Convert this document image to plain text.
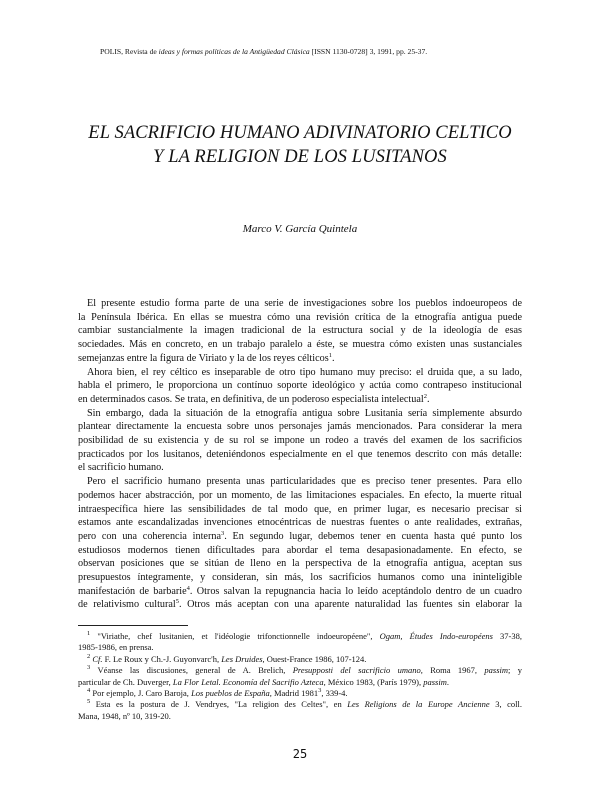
POLIS, Revista de ideas y formas políticas de la Antigüedad Clásica [ISSN 1130-0728] 3, 1991, pp. 25-37.
EL SACRIFICIO HUMANO ADIVINATORIO CELTICO
Y LA RELIGION DE LOS LUSITANOS
Marco V. García Quintela
El presente estudio forma parte de una serie de investigaciones sobre los pueblos indoeuropeos de
la Península Ibérica. En ellas se muestra cómo una revisión crítica de la etnografía antigua puede
cambiar sustancialmente la imagen tradicional de la estructura social y de la ideología de esas
sociedades. Más en concreto, en un trabajo paralelo a éste, se muestra cómo existen unas sustanciales
semejanzas entre la figura de Viriato y la de los reyes célticos$^1$.
Ahora bien, el rey céltico es inseparable de otro tipo humano muy preciso: el druida que, a su lado,
habla el primero, le proporciona un contínuo soporte ideológico y actúa como contrapeso institucional
en determinados casos. Se trata, en definitiva, de un poderoso especialista intelectual$^2$.
Sin embargo, dada la situación de la etnografía antigua sobre Lusitania sería simplemente absurdo
plantear directamente la encuesta sobre unos personajes jamás mencionados. Para considerar la mera
posibilidad de su existencia y de su rol se impone un rodeo a través del examen de los sacrificios
practicados por los lusitanos, deteniéndonos especialmente en el que tenemos descrito con más detalle:
el sacrificio humano.
Pero el sacrificio humano presenta unas particularidades que es preciso tener presentes. Para ello
podemos hacer abstracción, por un momento, de las limitaciones espaciales. En efecto, la muerte ritual
intraespecífica hiere las sensibilidades de tal modo que, en primer lugar, es necesario precisar si
estamos ante escandalizadas invenciones etnocéntricas de nuestras fuentes o ante realidades, extrañas,
pero con una coherencia interna$^3$. En segundo lugar, debemos tener en cuenta hasta qué punto los
estudiosos modernos tienen dificultades para abordar el tema desapasionadamente. En efecto, se
observan posiciones que se sitúan de lleno en la perspectiva de la etnografía antigua, aceptan sus
presupuestos íntegramente, y consideran, sin más, los sacrificios humanos como una ininteligible
manifestación de barbarie$^4$. Otros salvan la repugnancia hacia lo leído aceptándolo dentro de un cuadro
de relativismo cultural$^5$. Otros más aceptan con una aparente naturalidad las fuentes sin elaborar la
$^1$ "Viriathe, chef lusitanien, et l'idéologie trifonctionnelle indoeuropéene", Ogam, Études Indo-européens 37-38,
1985-1986, en prensa.
$^2$ Cf. F. Le Roux y Ch.-J. Guyonvarc'h, Les Druides, Ouest-France 1986, 107-124.
$^3$ Véanse las discusiones, general de A. Brelich, Presupposti del sacrificio umano, Roma 1967, passim; y
particular de Ch. Duverger, La Flor Letal. Economía del Sacrifio Azteca, México 1983, (París 1979), passim.
$^4$ Por ejemplo, J. Caro Baroja, Los pueblos de España, Madrid 1981$^3$, 339-4.
$^5$ Esta es la postura de J. Vendryes, "La religion des Celtes", en Les Religions de la Europe Ancienne 3, coll.
Mana, 1948, nº 10, 319-20.
25
